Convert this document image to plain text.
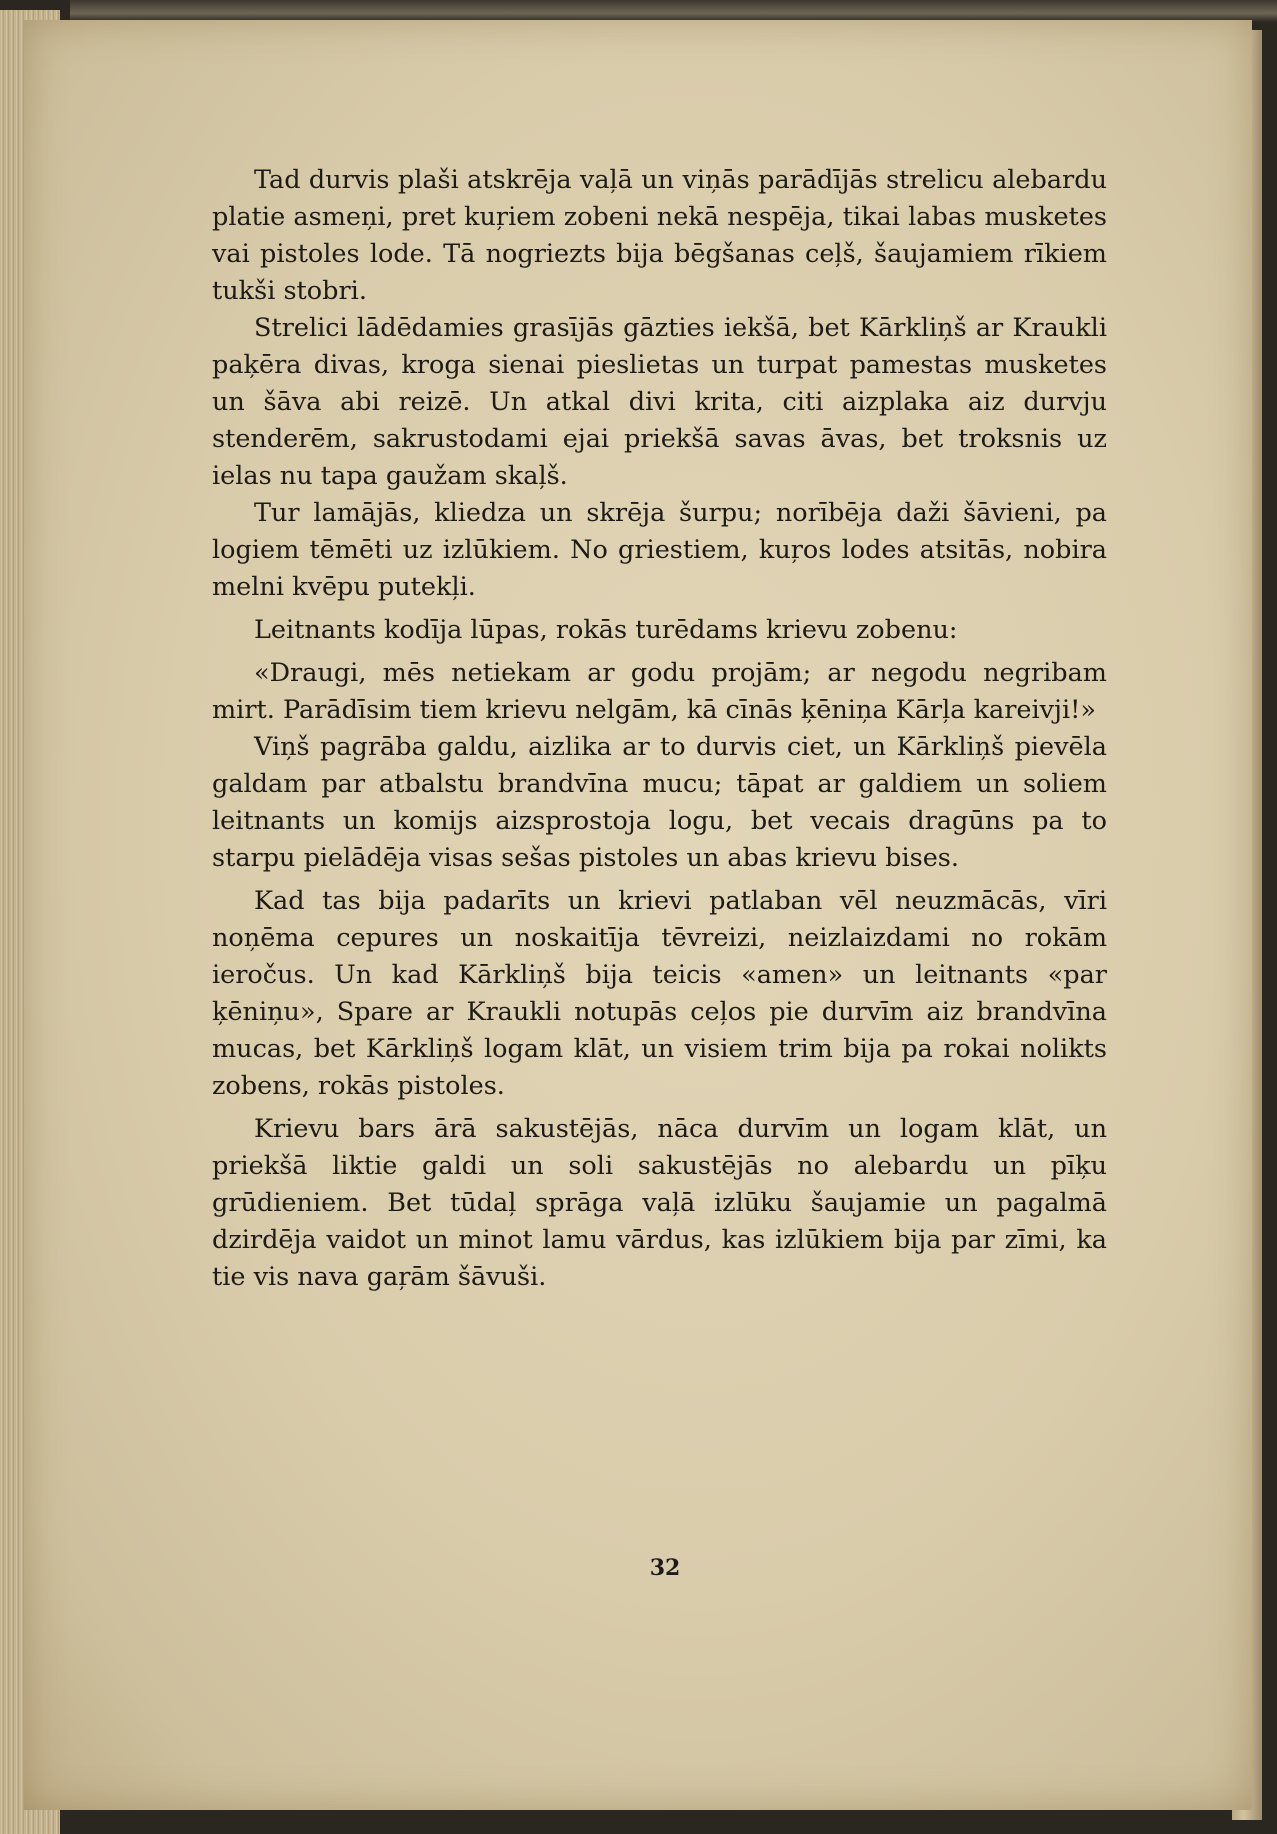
Tad durvis plaši atskrēja vaļā un viņās parādījās strelicu alebardu platie asmeņi, pret kuŗiem zobeni nekā nespēja, tikai labas musketes vai pistoles lode. Tā nogriezts bija bēgšanas ceļš, šaujamiem rīkiem tukši stobri.

Strelici lādēdamies grasījās gāzties iekšā, bet Kārkliņš ar Kraukli paķēra divas, kroga sienai pieslietas un turpat pamestas musketes un šāva abi reizē. Un atkal divi krita, citi aizplaka aiz durvju stenderēm, sakrustodami ejai priekšā savas āvas, bet troksnis uz ielas nu tapa gaužam skaļš.

Tur lamājās, kliedza un skrēja šurpu; norībēja daži šāvieni, pa logiem tēmēti uz izlūkiem. No griestiem, kuŗos lodes atsitās, nobira melni kvēpu putekļi.

Leitnants kodīja lūpas, rokās turēdams krievu zobenu:

«Draugi, mēs netiekam ar godu projām; ar negodu negribam mirt. Parādīsim tiem krievu nelgām, kā cīnās ķēniņa Kārļa kareivji!»

Viņš pagrāba galdu, aizlika ar to durvis ciet, un Kārkliņš pievēla galdam par atbalstu brandvīna mucu; tāpat ar galdiem un soliem leitnants un komijs aizsprostoja logu, bet vecais dragūns pa to starpu pielādēja visas sešas pistoles un abas krievu bises.

Kad tas bija padarīts un krievi patlaban vēl neuzmācās, vīri noņēma cepures un noskaitīja tēvreizi, neizlaizdami no rokām ieročus. Un kad Kārkliņš bija teicis «amen» un leitnants «par ķēniņu», Spare ar Kraukli notupās ceļos pie durvīm aiz brandvīna mucas, bet Kārkliņš logam klāt, un visiem trim bija pa rokai nolikts zobens, rokās pistoles.

Krievu bars ārā sakustējās, nāca durvīm un logam klāt, un priekšā liktie galdi un soli sakustējās no alebardu un pīķu grūdieniem. Bet tūdaļ sprāga vaļā izlūku šaujamie un pagalmā dzirdēja vaidot un minot lamu vārdus, kas izlūkiem bija par zīmi, ka tie vis nava gaŗām šāvuši.

32
